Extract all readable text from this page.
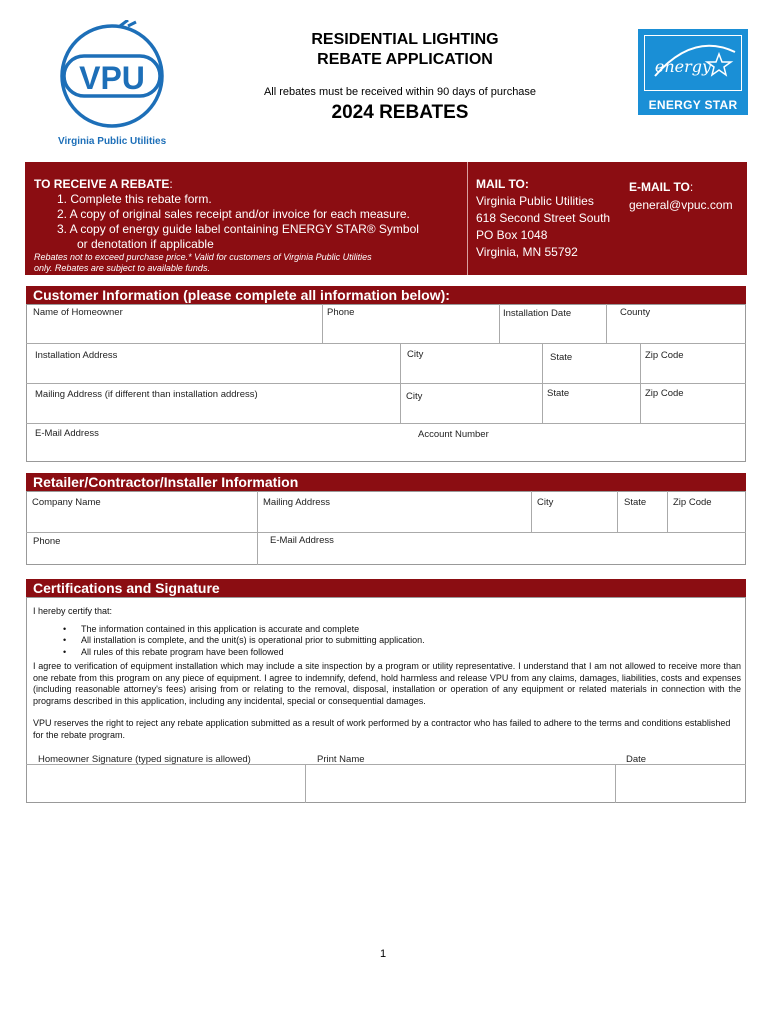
VPU
Virginia Public Utilities
RESIDENTIAL LIGHTING
REBATE APPLICATION
All rebates must be received within 90 days of purchase
2024 REBATES
energy
ENERGY STAR
TO RECEIVE A REBATE:
1. Complete this rebate form.
2. A copy of original sales receipt and/or invoice for each measure.
3. A copy of energy guide label containing ENERGY STAR® Symbol
or denotation if applicable
Rebates not to exceed purchase price.* Valid for customers of Virginia Public Utilities
only. Rebates are subject to available funds.
MAIL TO:
Virginia Public Utilities
618 Second Street South
PO Box 1048
Virginia, MN 55792
E-MAIL TO:
general@vpuc.com
Customer Information (please complete all information below):
Name of Homeowner	Phone	Installation Date	County
Installation Address	City	State	Zip Code
Mailing Address (if different than installation address)	City	State	Zip Code
E-Mail Address	Account Number
Retailer/Contractor/Installer Information
Company Name	Mailing Address	City	State	Zip Code
Phone	E-Mail Address
Certifications and Signature
I hereby certify that:
• The information contained in this application is accurate and complete
• All installation is complete, and the unit(s) is operational prior to submitting application.
• All rules of this rebate program have been followed

I agree to verification of equipment installation which may include a site inspection by a program or utility representative. I understand that I am not allowed to receive more than one rebate from this program on any piece of equipment. I agree to indemnify, defend, hold harmless and release VPU from any claims, damages, liabilities, costs and expenses (including reasonable attorney's fees) arising from or relating to the removal, disposal, installation or operation of any equipment or related materials in connection with the programs described in this application, including any incidental, special or consequential damages.

VPU reserves the right to reject any rebate application submitted as a result of work performed by a contractor who has failed to adhere to the terms and conditions established for the rebate program.

Homeowner Signature (typed signature is allowed)	Print Name	Date
1
